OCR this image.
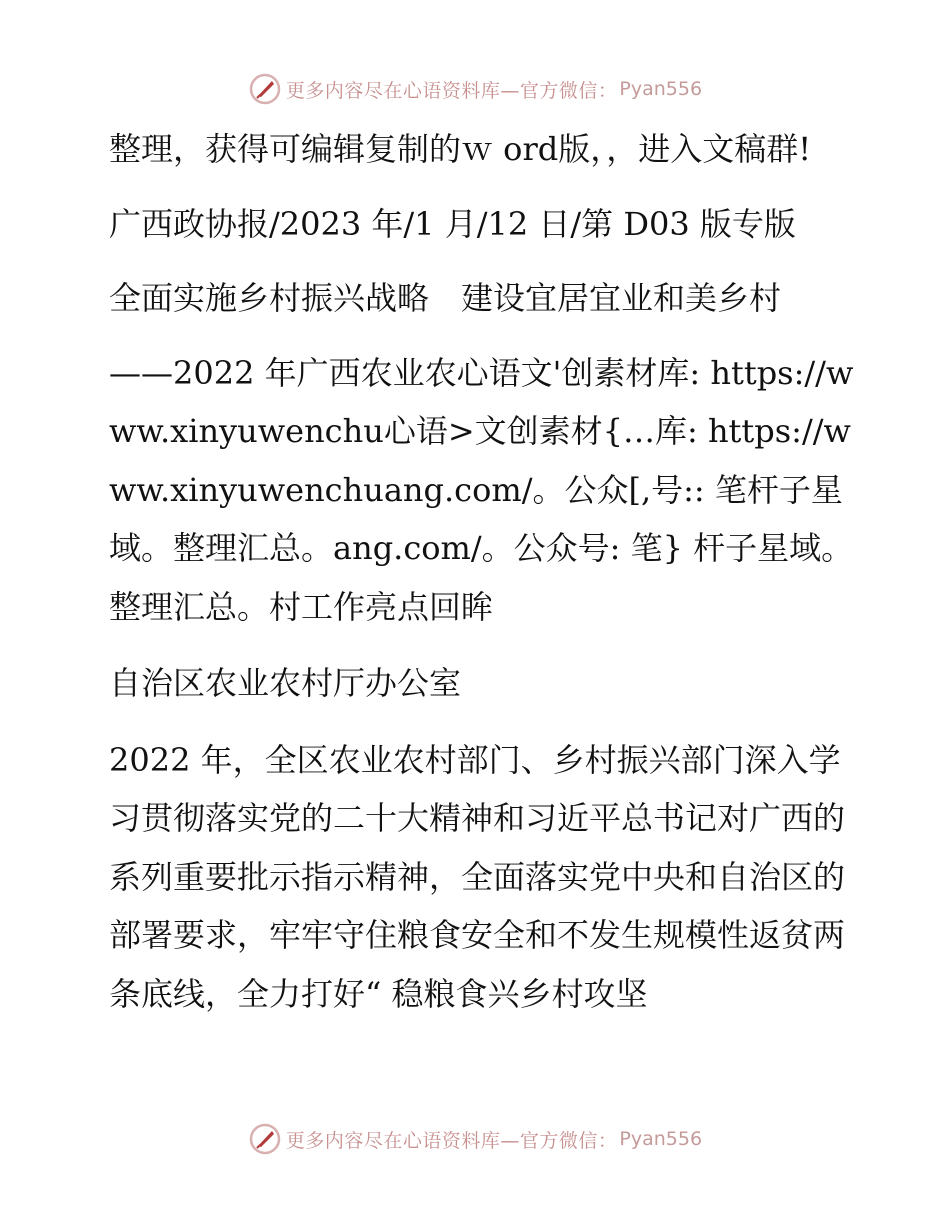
更多内容尽在心语资料库—官方微信： Pyan556

整理，获得可编辑复制的ｗ ord版，，进入文稿群!

广西政协报/2023 年/1 月/12 日/第 D03 版专版

全面实施乡村振兴战略　建设宜居宜业和美乡村

——2022 年广西农业农心语文'创素材库: https://www.xinyuwenchu心语>文创素材{…库: https://www.xinyuwenchuang.com/。公众[,号:: 笔杆子星域。整理汇总。ang.com/。公众号: 笔} 杆子星域。整理汇总。村工作亮点回眸

自治区农业农村厅办公室

2022 年，全区农业农村部门、乡村振兴部门深入学习贯彻落实党的二十大精神和习近平总书记对广西的系列重要批示指示精神，全面落实党中央和自治区的部署要求，牢牢守住粮食安全和不发生规模性返贫两条底线，全力打好“ 稳粮食兴乡村攻坚

更多内容尽在心语资料库—官方微信： Pyan556
